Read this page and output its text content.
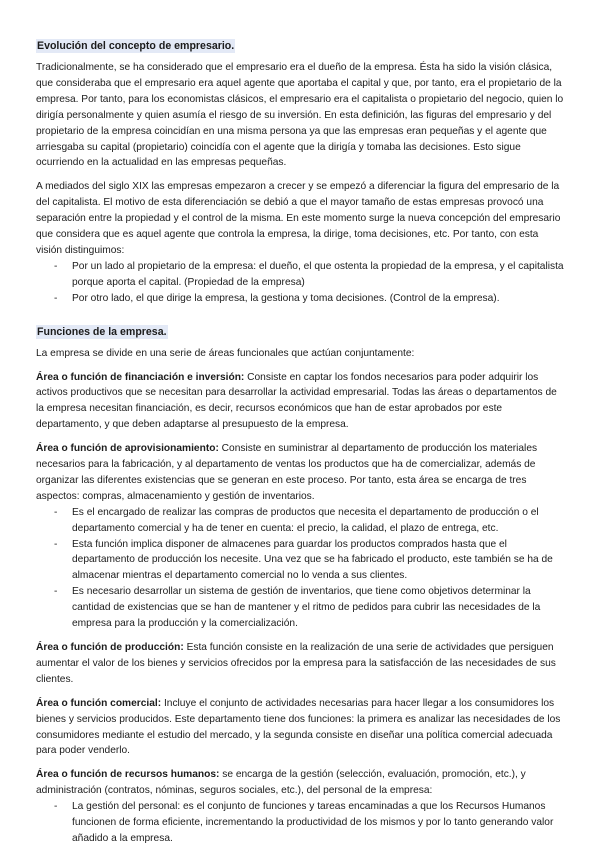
Evolución del concepto de empresario.

Tradicionalmente, se ha considerado que el empresario era el dueño de la empresa. Ésta ha sido la visión clásica, que consideraba que el empresario era aquel agente que aportaba el capital y que, por tanto, era el propietario de la empresa. Por tanto, para los economistas clásicos, el empresario era el capitalista o propietario del negocio, quien lo dirigía personalmente y quien asumía el riesgo de su inversión. En esta definición, las figuras del empresario y del propietario de la empresa coincidían en una misma persona ya que las empresas eran pequeñas y el agente que arriesgaba su capital (propietario) coincidía con el agente que la dirigía y tomaba las decisiones. Esto sigue ocurriendo en la actualidad en las empresas pequeñas.

A mediados del siglo XIX las empresas empezaron a crecer y se empezó a diferenciar la figura del empresario de la del capitalista. El motivo de esta diferenciación se debió a que el mayor tamaño de estas empresas provocó una separación entre la propiedad y el control de la misma. En este momento surge la nueva concepción del empresario que considera que es aquel agente que controla la empresa, la dirige, toma decisiones, etc. Por tanto, con esta visión distinguimos:

- Por un lado al propietario de la empresa: el dueño, el que ostenta la propiedad de la empresa, y el capitalista porque aporta el capital. (Propiedad de la empresa)
- Por otro lado, el que dirige la empresa, la gestiona y toma decisiones. (Control de la empresa).
Funciones de la empresa.

La empresa se divide en una serie de áreas funcionales que actúan conjuntamente:

Área o función de financiación e inversión: Consiste en captar los fondos necesarios para poder adquirir los activos productivos que se necesitan para desarrollar la actividad empresarial. Todas las áreas o departamentos de la empresa necesitan financiación, es decir, recursos económicos que han de estar aprobados por este departamento, y que deben adaptarse al presupuesto de la empresa.

Área o función de aprovisionamiento: Consiste en suministrar al departamento de producción los materiales necesarios para la fabricación, y al departamento de ventas los productos que ha de comercializar, además de organizar las diferentes existencias que se generan en este proceso. Por tanto, esta área se encarga de tres aspectos: compras, almacenamiento y gestión de inventarios.

- Es el encargado de realizar las compras de productos que necesita el departamento de producción o el departamento comercial y ha de tener en cuenta: el precio, la calidad, el plazo de entrega, etc.
- Esta función implica disponer de almacenes para guardar los productos comprados hasta que el departamento de producción los necesite. Una vez que se ha fabricado el producto, este también se ha de almacenar mientras el departamento comercial no lo venda a sus clientes.
- Es necesario desarrollar un sistema de gestión de inventarios, que tiene como objetivos determinar la cantidad de existencias que se han de mantener y el ritmo de pedidos para cubrir las necesidades de la empresa para la producción y la comercialización.

Área o función de producción: Esta función consiste en la realización de una serie de actividades que persiguen aumentar el valor de los bienes y servicios ofrecidos por la empresa para la satisfacción de las necesidades de sus clientes.

Área o función comercial: Incluye el conjunto de actividades necesarias para hacer llegar a los consumidores los bienes y servicios producidos. Este departamento tiene dos funciones: la primera es analizar las necesidades de los consumidores mediante el estudio del mercado, y la segunda consiste en diseñar una política comercial adecuada para poder venderlo.

Área o función de recursos humanos: se encarga de la gestión (selección, evaluación, promoción, etc.), y administración (contratos, nóminas, seguros sociales, etc.), del personal de la empresa:

- La gestión del personal: es el conjunto de funciones y tareas encaminadas a que los Recursos Humanos funcionen de forma eficiente, incrementando la productividad de los mismos y por lo tanto generando valor añadido a la empresa.
